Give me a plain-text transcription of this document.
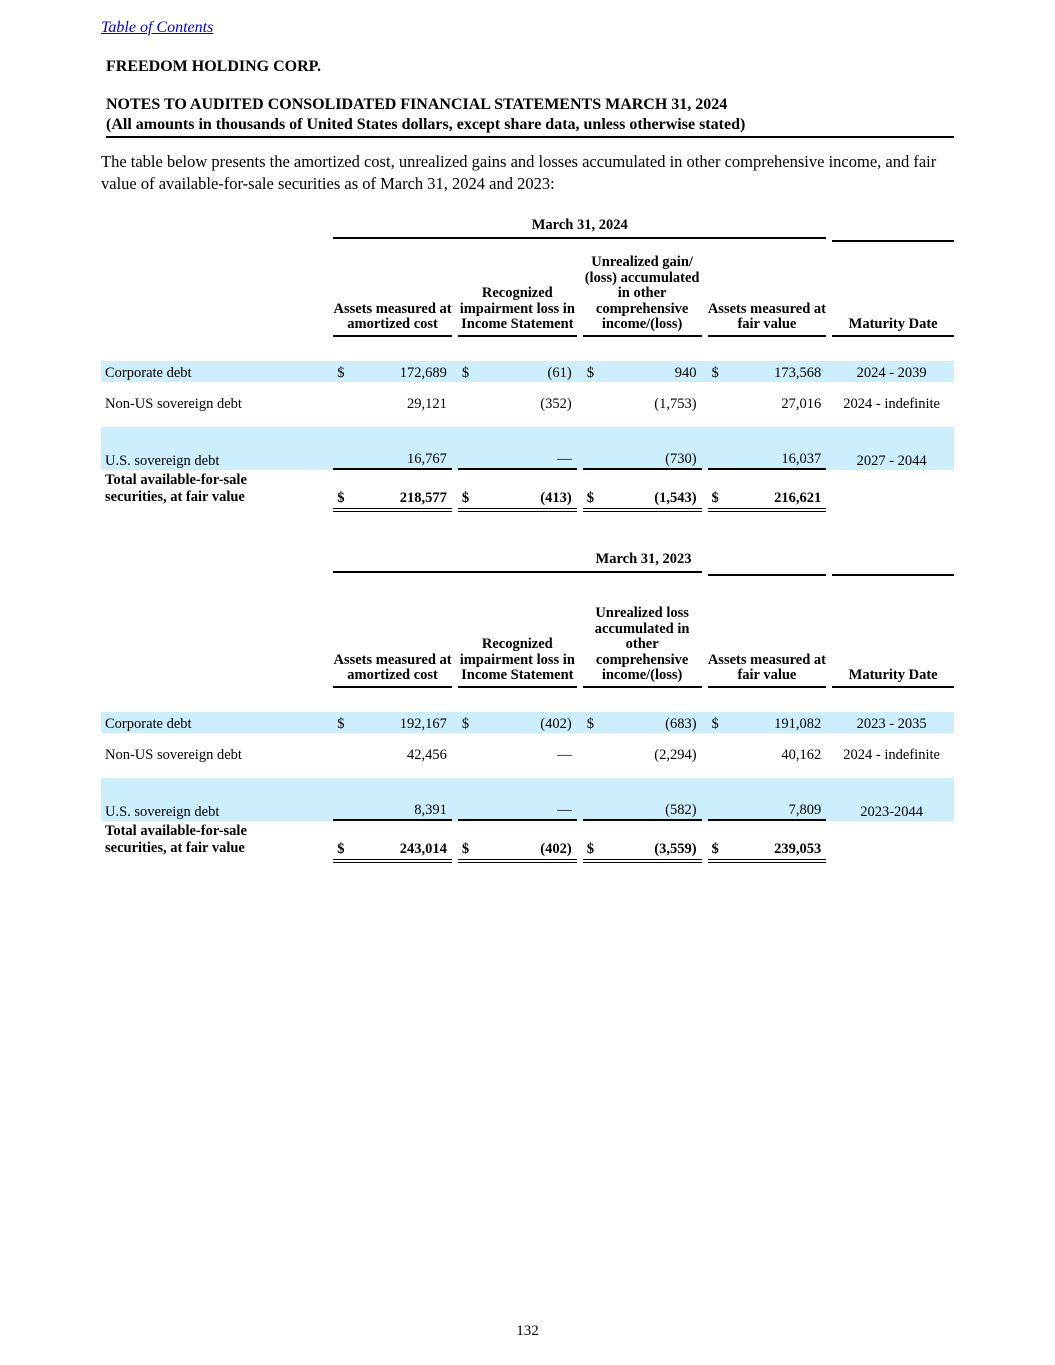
Table of Contents
FREEDOM HOLDING CORP.
NOTES TO AUDITED CONSOLIDATED FINANCIAL STATEMENTS MARCH 31, 2024
(All amounts in thousands of United States dollars, except share data, unless otherwise stated)

The table below presents the amortized cost, unrealized gains and losses accumulated in other comprehensive income, and fair value of available-for-sale securities as of March 31, 2024 and 2023:

	March 31, 2024				

	Assets measured at amortized cost	Recognized impairment loss in Income Statement	Unrealized gain/ (loss) accumulated in other comprehensive income/(loss)	Assets measured at fair value	Maturity Date

Corporate debt	$ 172,689	$ (61)	$ 940	$ 173,568	2024 - 2039
Non-US sovereign debt	29,121	(352)	(1,753)	27,016	2024 - indefinite
U.S. sovereign debt	16,767	—	(730)	16,037	2027 - 2044

Total available-for-sale
securities, at fair value	$	218,577	$	(413)	$	(1,543)	$	216,621

	March 31, 2023				

	Assets measured at amortized cost	Recognized impairment loss in Income Statement	Unrealized loss accumulated in other comprehensive income/(loss)	Assets measured at fair value	Maturity Date

Corporate debt	$ 192,167	$ (402)	$ (683)	$ 191,082	2023 - 2035
Non-US sovereign debt	42,456	—	(2,294)	40,162	2024 - indefinite
U.S. sovereign debt	8,391	—	(582)	7,809	2023-2044

Total available-for-sale
securities, at fair value	$	243,014	$	(402)	$	(3,559)	$	239,053

132
